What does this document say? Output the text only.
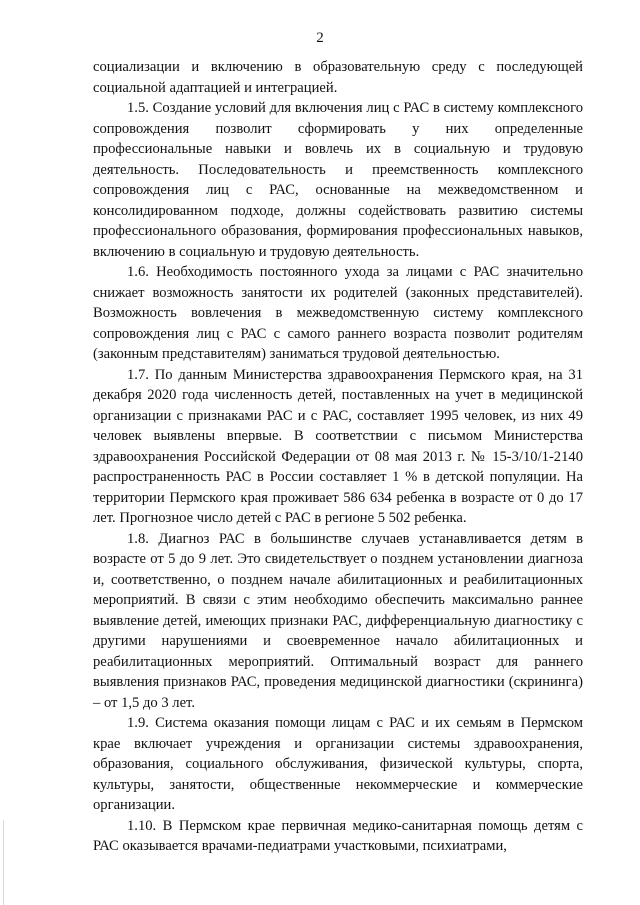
2

социализации и включению в образовательную среду с последующей социальной адаптацией и интеграцией.

1.5. Создание условий для включения лиц с РАС в систему комплексного сопровождения позволит сформировать у них определенные профессиональные навыки и вовлечь их в социальную и трудовую деятельность. Последовательность и преемственность комплексного сопровождения лиц с РАС, основанные на межведомственном и консолидированном подходе, должны содействовать развитию системы профессионального образования, формирования профессиональных навыков, включению в социальную и трудовую деятельность.

1.6. Необходимость постоянного ухода за лицами с РАС значительно снижает возможность занятости их родителей (законных представителей). Возможность вовлечения в межведомственную систему комплексного сопровождения лиц с РАС с самого раннего возраста позволит родителям (законным представителям) заниматься трудовой деятельностью.

1.7. По данным Министерства здравоохранения Пермского края, на 31 декабря 2020 года численность детей, поставленных на учет в медицинской организации с признаками РАС и с РАС, составляет 1995 человек, из них 49 человек выявлены впервые. В соответствии с письмом Министерства здравоохранения Российской Федерации от 08 мая 2013 г. № 15-3/10/1-2140 распространенность РАС в России составляет 1 % в детской популяции. На территории Пермского края проживает 586 634 ребенка в возрасте от 0 до 17 лет. Прогнозное число детей с РАС в регионе 5 502 ребенка.

1.8. Диагноз РАС в большинстве случаев устанавливается детям в возрасте от 5 до 9 лет. Это свидетельствует о позднем установлении диагноза и, соответственно, о позднем начале абилитационных и реабилитационных мероприятий. В связи с этим необходимо обеспечить максимально раннее выявление детей, имеющих признаки РАС, дифференциальную диагностику с другими нарушениями и своевременное начало абилитационных и реабилитационных мероприятий. Оптимальный возраст для раннего выявления признаков РАС, проведения медицинской диагностики (скрининга) – от 1,5 до 3 лет.

1.9. Система оказания помощи лицам с РАС и их семьям в Пермском крае включает учреждения и организации системы здравоохранения, образования, социального обслуживания, физической культуры, спорта, культуры, занятости, общественные некоммерческие и коммерческие организации.

1.10. В Пермском крае первичная медико-санитарная помощь детям с РАС оказывается врачами-педиатрами участковыми, психиатрами,
